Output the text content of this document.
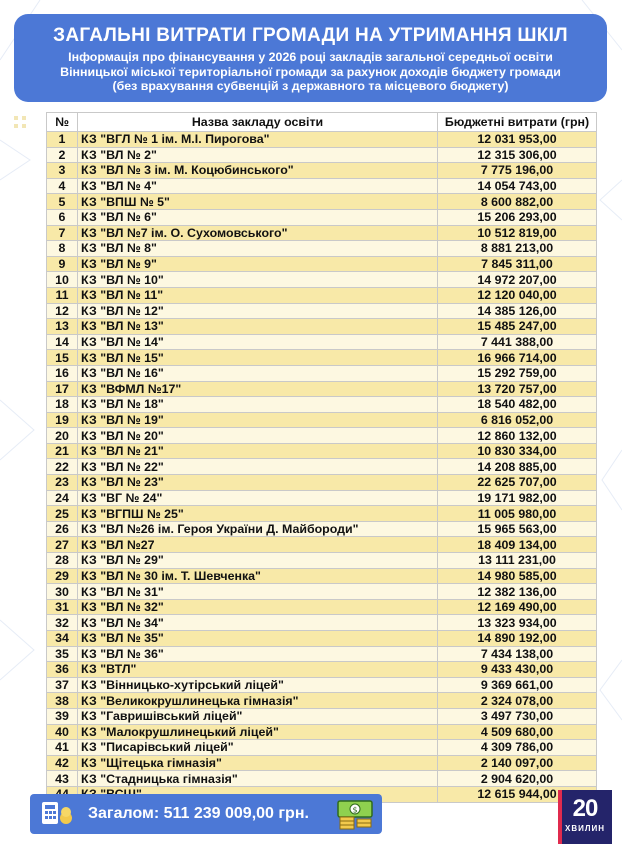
ЗАГАЛЬНІ ВИТРАТИ ГРОМАДИ НА УТРИМАННЯ ШКІЛ
Інформація про фінансування у 2026 році закладів загальної середньої освіти
Вінницької міської територіальної громади за рахунок доходів бюджету громади
(без врахування субвенцій з державного та місцевого бюджету)
№	Назва закладу освіти	Бюджетні витрати (грн)
1	КЗ "ВГЛ № 1 ім. М.І. Пирогова"	12 031 953,00
2	КЗ "ВЛ № 2"	12 315 306,00
3	КЗ "ВЛ № 3 ім. М. Коцюбинського"	7 775 196,00
4	КЗ "ВЛ № 4"	14 054 743,00
5	КЗ "ВПШ № 5"	8 600 882,00
6	КЗ "ВЛ № 6"	15 206 293,00
7	КЗ "ВЛ №7 ім. О. Сухомовського"	10 512 819,00
8	КЗ "ВЛ № 8"	8 881 213,00
9	КЗ "ВЛ № 9"	7 845 311,00
10	КЗ "ВЛ № 10"	14 972 207,00
11	КЗ "ВЛ № 11"	12 120 040,00
12	КЗ "ВЛ № 12"	14 385 126,00
13	КЗ "ВЛ № 13"	15 485 247,00
14	КЗ "ВЛ № 14"	7 441 388,00
15	КЗ "ВЛ № 15"	16 966 714,00
16	КЗ "ВЛ № 16"	15 292 759,00
17	КЗ "ВФМЛ №17"	13 720 757,00
18	КЗ "ВЛ № 18"	18 540 482,00
19	КЗ "ВЛ № 19"	6 816 052,00
20	КЗ "ВЛ № 20"	12 860 132,00
21	КЗ "ВЛ № 21"	10 830 334,00
22	КЗ "ВЛ № 22"	14 208 885,00
23	КЗ "ВЛ № 23"	22 625 707,00
24	КЗ "ВГ № 24"	19 171 982,00
25	КЗ "ВГПШ № 25"	11 005 980,00
26	КЗ "ВЛ №26 ім. Героя України Д. Майбороди"	15 965 563,00
27	КЗ "ВЛ №27	18 409 134,00
28	КЗ "ВЛ № 29"	13 111 231,00
29	КЗ "ВЛ № 30 ім. Т. Шевченка"	14 980 585,00
30	КЗ "ВЛ № 31"	12 382 136,00
31	КЗ "ВЛ № 32"	12 169 490,00
32	КЗ "ВЛ № 34"	13 323 934,00
34	КЗ "ВЛ № 35"	14 890 192,00
35	КЗ "ВЛ № 36"	7 434 138,00
36	КЗ "ВТЛ"	9 433 430,00
37	КЗ "Вінницько-хутірський ліцей"	9 369 661,00
38	КЗ "Великокрушлинецька гімназія"	2 324 078,00
39	КЗ "Гавришівський ліцей"	3 497 730,00
40	КЗ "Малокрушлинецький ліцей"	4 509 680,00
41	КЗ "Писарівський ліцей"	4 309 786,00
42	КЗ "Щітецька гімназія"	2 140 097,00
43	КЗ "Стадницька гімназія"	2 904 620,00
		12 615 944,00
Загалом: 511 239 009,00 грн.	$	20
ХВИЛИН
